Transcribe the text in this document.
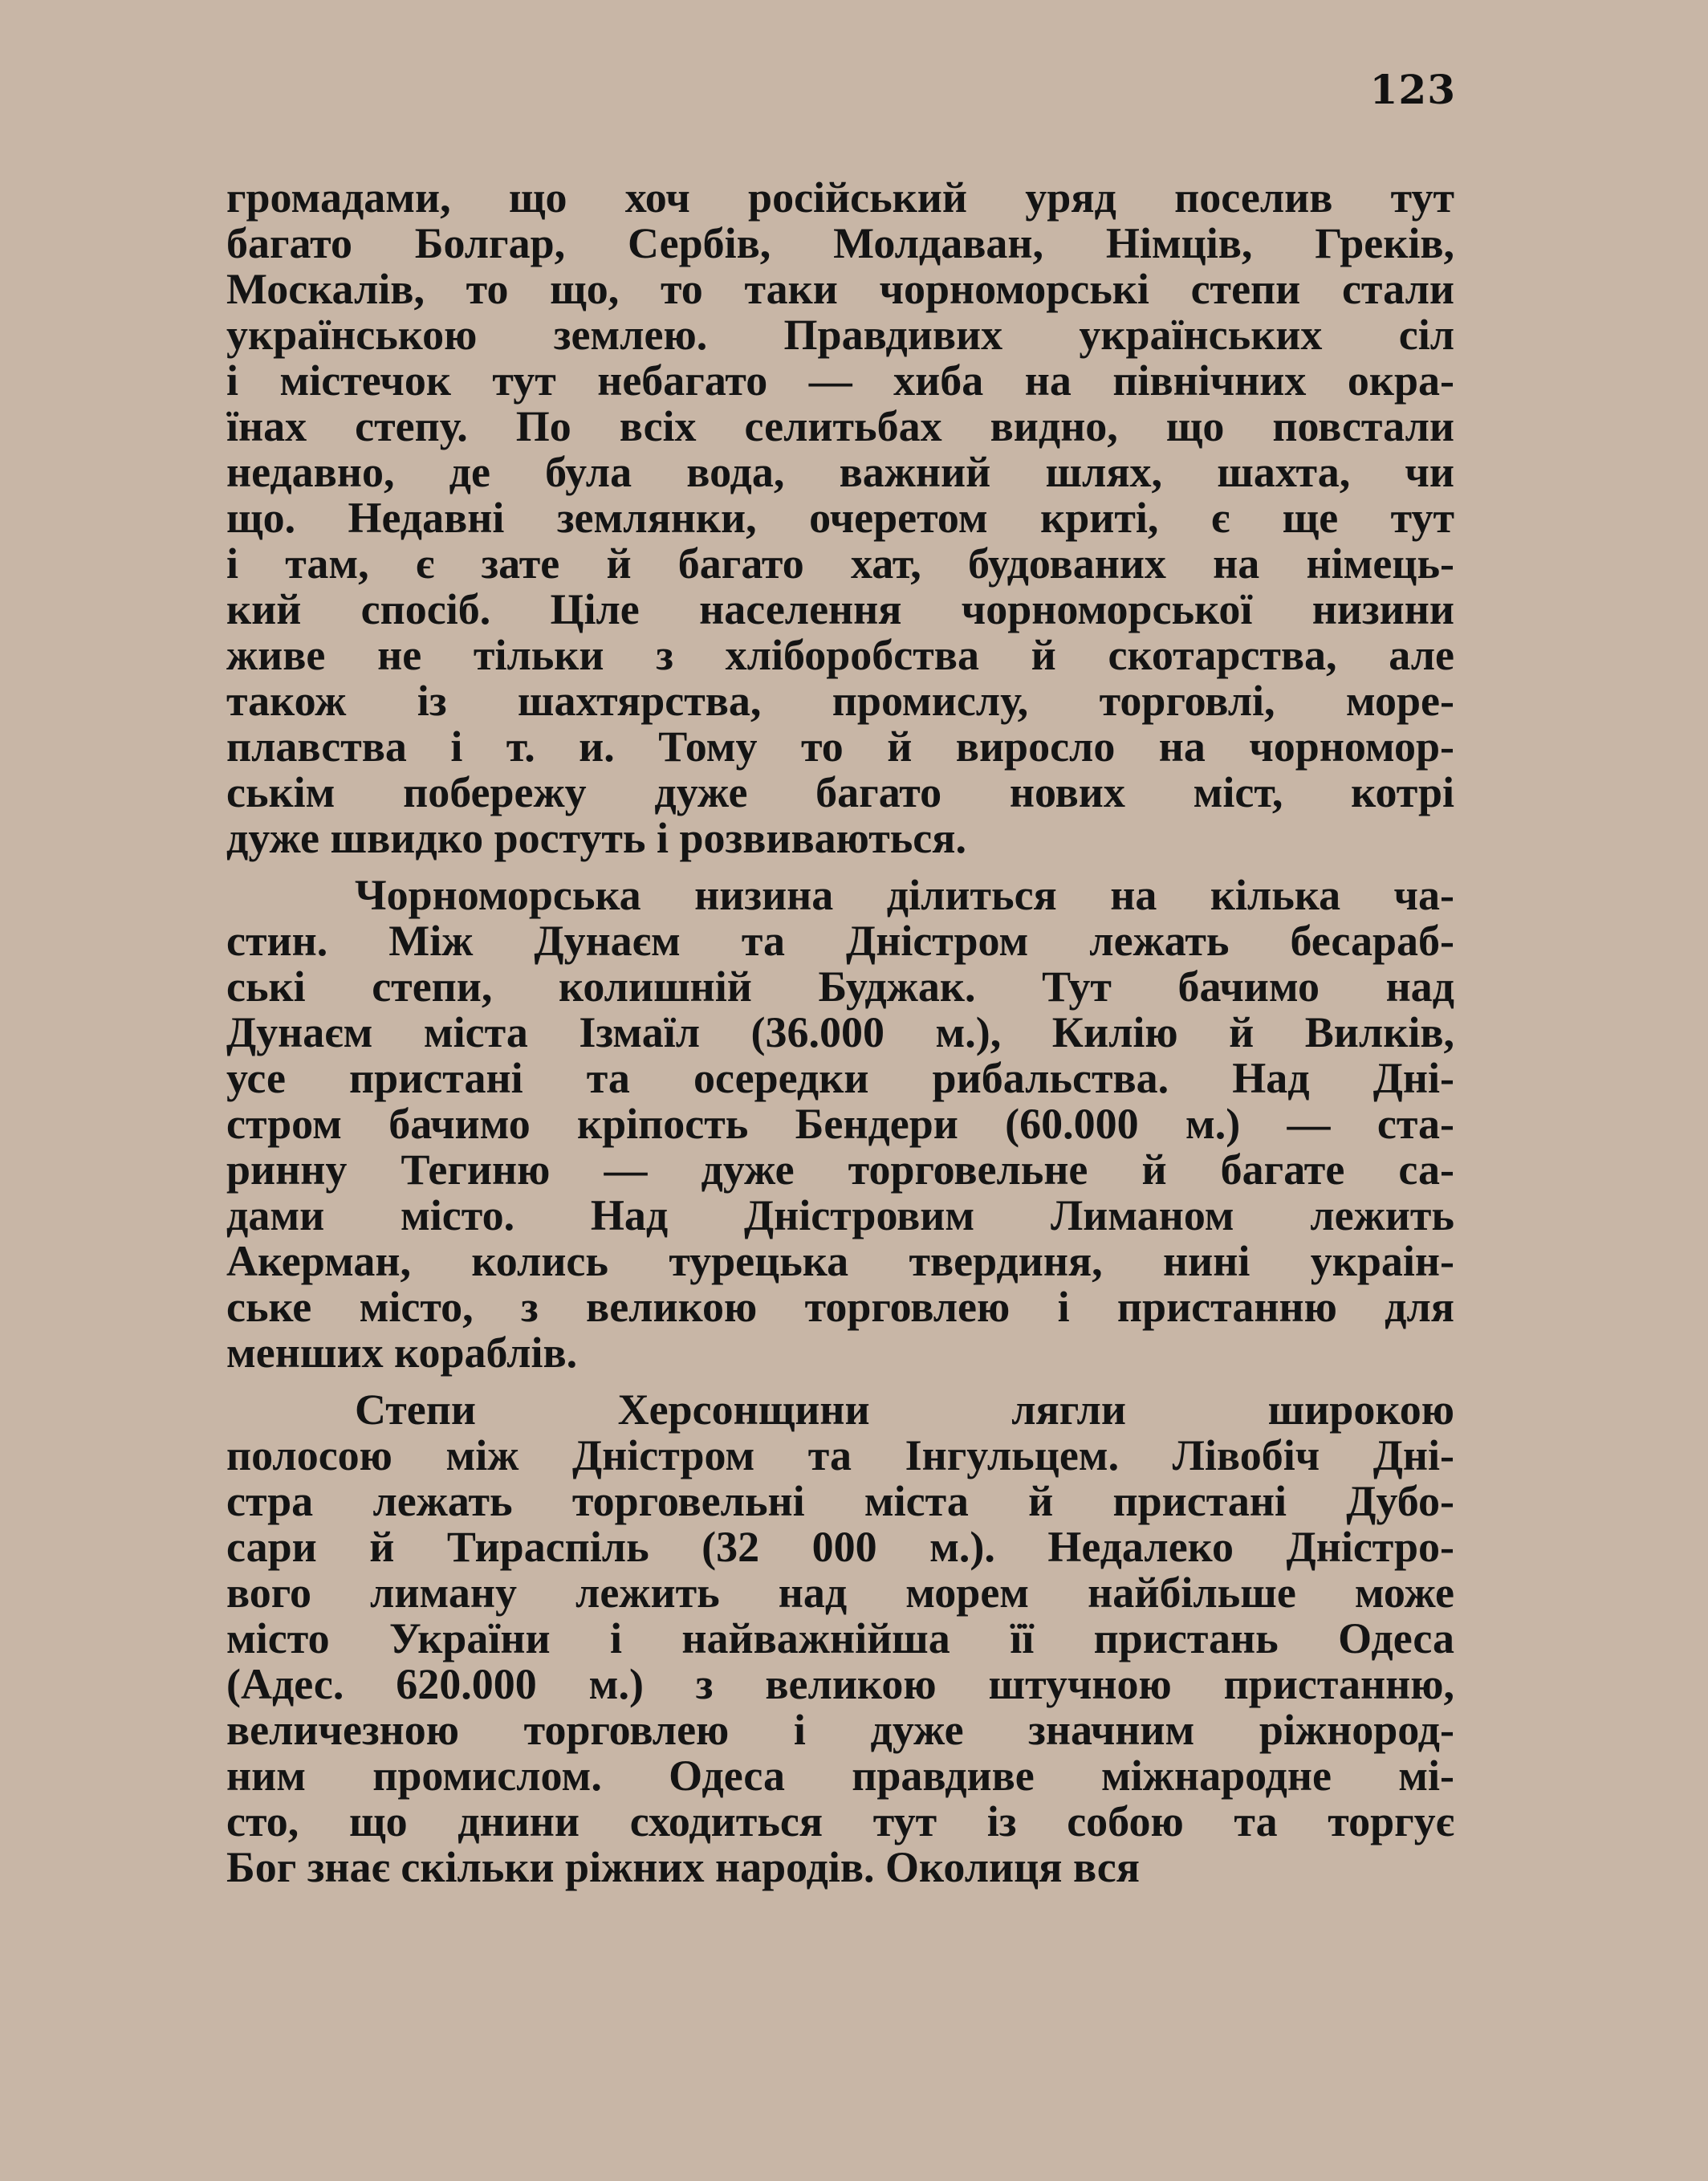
123
громадами, що хоч російський уряд поселив тут
багато Болгар, Сербів, Молдаван, Німців, Греків,
Москалів, то що, то таки чорноморські степи стали
українською землею. Правдивих українських сіл
і містечок тут небагато — хиба на північних окра-
їнах степу. По всіх селитьбах видно, що повстали
недавно, де була вода, важний шлях, шахта, чи
що. Недавні землянки, очеретом криті, є ще тут
і там, є зате й багато хат, будованих на німець-
кий спосіб. Ціле населення чорноморської низини
живе не тільки з хліборобства й скотарства, але
також із шахтярства, промислу, торговлі, море-
плавства і т. и. Тому то й виросло на чорномор-
ськім побережу дуже багато нових міст, котрі
дуже швидко ростуть і розвиваються.
Чорноморська низина ділиться на кілька ча-
стин. Між Дунаєм та Дністром лежать бесараб-
ські степи, колишній Буджак. Тут бачимо над
Дунаєм міста Ізмаїл (36.000 м.), Килію й Вилків,
усе пристані та осередки рибальства. Над Дні-
стром бачимо кріпость Бендери (60.000 м.) — ста-
ринну Тегиню — дуже торговельне й багате са-
дами місто. Над Дністровим Лиманом лежить
Акерман, колись турецька твердиня, нині украін-
ське місто, з великою торговлею і пристанню для
менших кораблів.
Степи Херсонщини лягли широкою
полосою між Дністром та Інгульцем. Лівобіч Дні-
стра лежать торговельні міста й пристані Дубо-
сари й Тираспіль (32 000 м.). Недалеко Дністро-
вого лиману лежить над морем найбільше може
місто України і найважнійша її пристань Одеса
(Адес. 620.000 м.) з великою штучною пристанню,
величезною торговлею і дуже значним ріжнород-
ним промислом. Одеса правдиве міжнародне мі-
сто, що днини сходиться тут із собою та торгує
Бог знає скільки ріжних народів. Околиця вся
